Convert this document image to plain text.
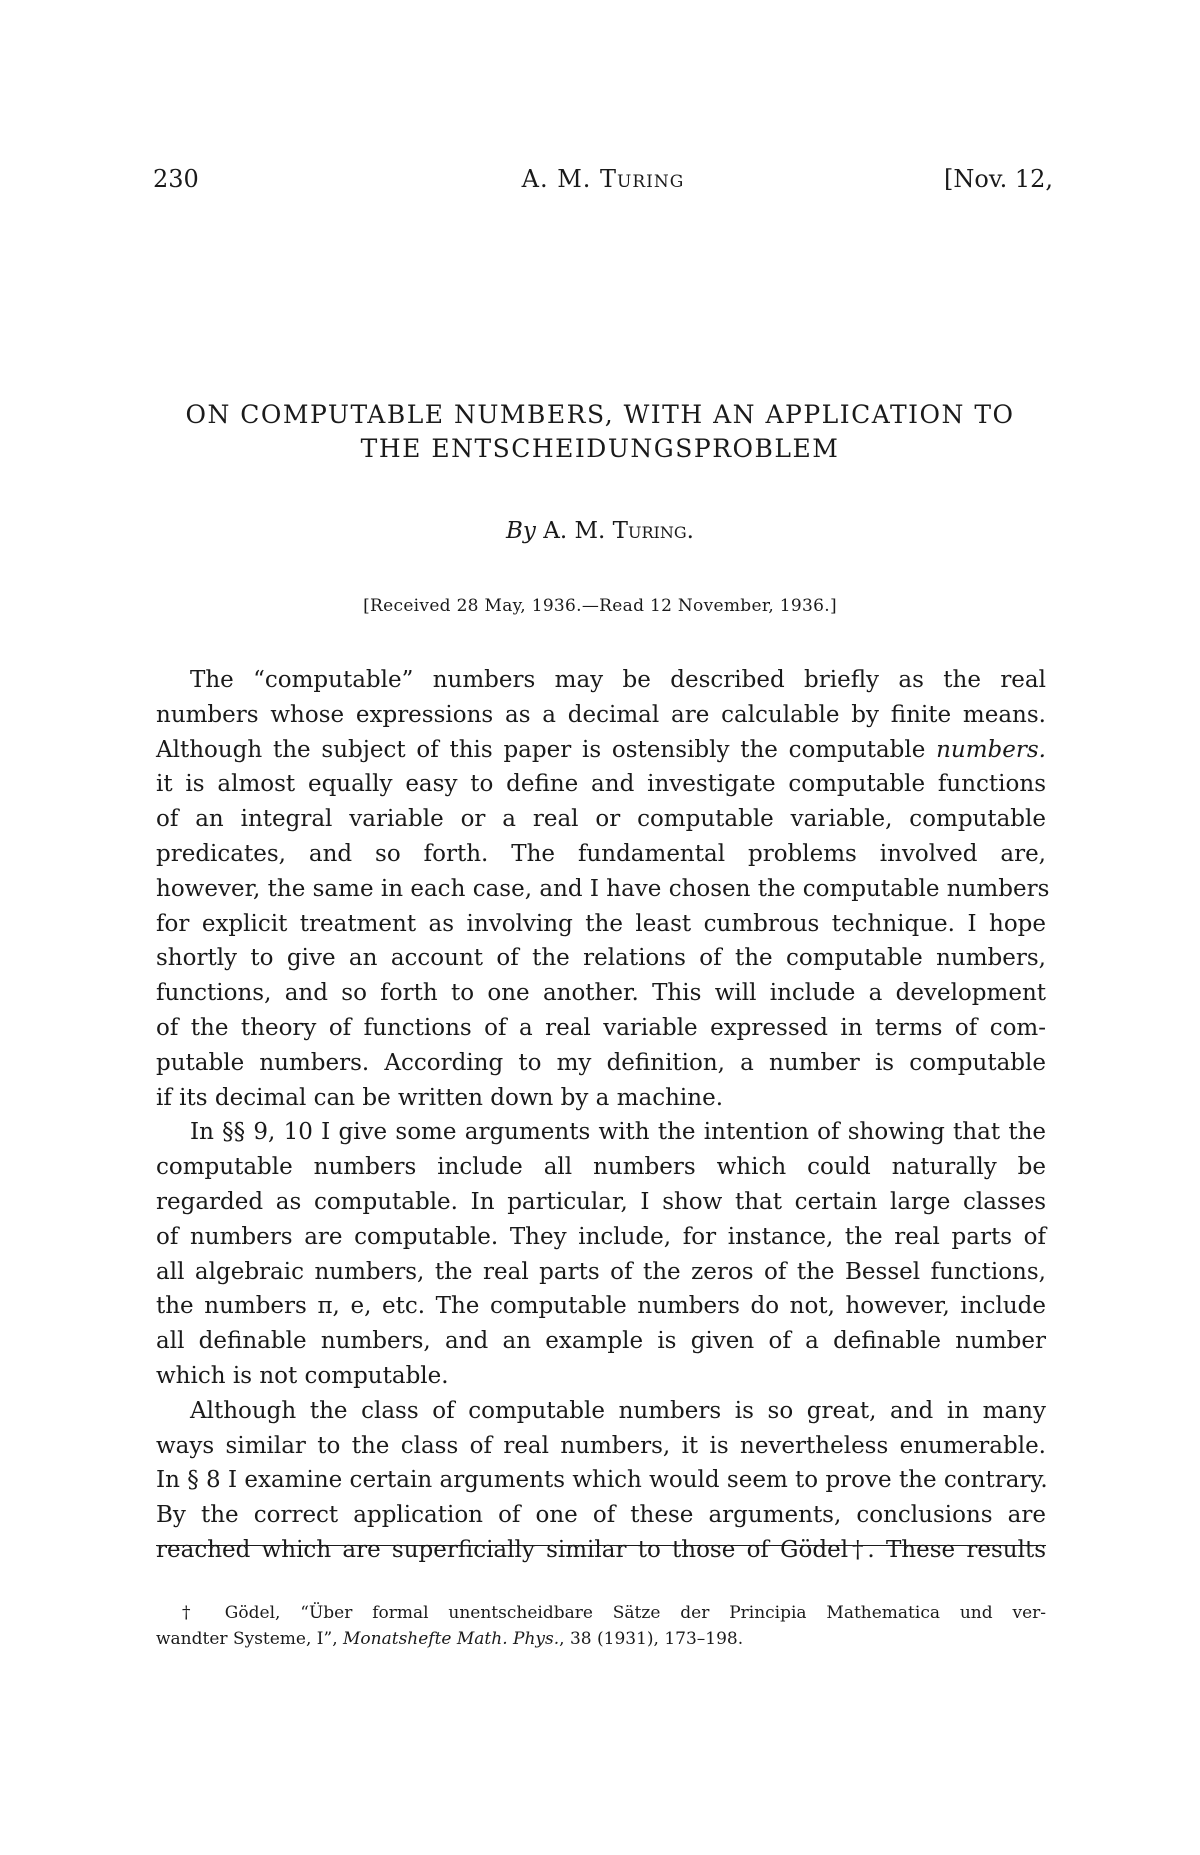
230	A. M. Turing	[Nov. 12,
ON COMPUTABLE NUMBERS, WITH AN APPLICATION TO
THE ENTSCHEIDUNGSPROBLEM
By A. M. Turing.
[Received 28 May, 1936.—Read 12 November, 1936.]
The “computable” numbers may be described briefly as the real
numbers whose expressions as a decimal are calculable by finite means.
Although the subject of this paper is ostensibly the computable numbers.
it is almost equally easy to define and investigate computable functions
of an integral variable or a real or computable variable, computable
predicates, and so forth. The fundamental problems involved are,
however, the same in each case, and I have chosen the computable numbers
for explicit treatment as involving the least cumbrous technique. I hope
shortly to give an account of the relations of the computable numbers,
functions, and so forth to one another. This will include a development
of the theory of functions of a real variable expressed in terms of com-
putable numbers. According to my definition, a number is computable
if its decimal can be written down by a machine.
In §§ 9, 10 I give some arguments with the intention of showing that the
computable numbers include all numbers which could naturally be
regarded as computable. In particular, I show that certain large classes
of numbers are computable. They include, for instance, the real parts of
all algebraic numbers, the real parts of the zeros of the Bessel functions,
the numbers π, e, etc. The computable numbers do not, however, include
all definable numbers, and an example is given of a definable number
which is not computable.
Although the class of computable numbers is so great, and in many
ways similar to the class of real numbers, it is nevertheless enumerable.
In § 8 I examine certain arguments which would seem to prove the contrary.
By the correct application of one of these arguments, conclusions are
reached which are superficially similar to those of Gödel†. These results
† Gödel, “Über formal unentscheidbare Sätze der Principia Mathematica und ver-
wandter Systeme, I”, Monatshefte Math. Phys., 38 (1931), 173–198.
